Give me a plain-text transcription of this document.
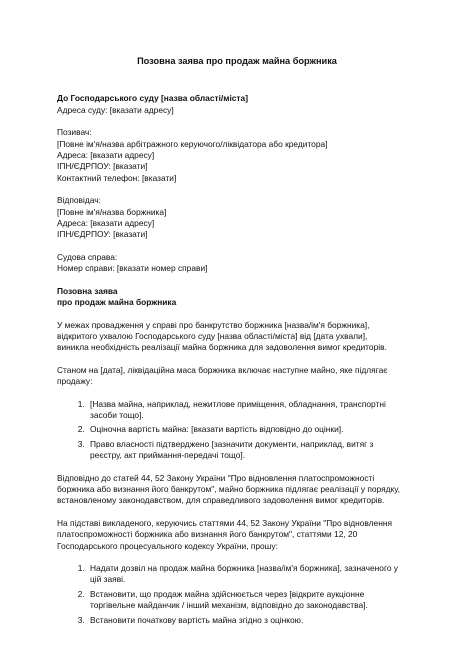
Позовна заява про продаж майна боржника
До Господарського суду [назва області/міста]
Адреса суду: [вказати адресу]
Позивач:
[Повне ім'я/назва арбітражного керуючого/ліквідатора або кредитора]
Адреса: [вказати адресу]
ІПН/ЄДРПОУ: [вказати]
Контактний телефон: [вказати]
Відповідач:
[Повне ім'я/назва боржника]
Адреса: [вказати адресу]
ІПН/ЄДРПОУ: [вказати]
Судова справа:
Номер справи: [вказати номер справи]
Позовна заява
про продаж майна боржника

У межах провадження у справі про банкрутство боржника [назва/ім'я боржника],
відкритого ухвалою Господарського суду [назва області/міста] від [дата ухвали],
виникла необхідність реалізації майна боржника для задоволення вимог кредиторів.

Станом на [дата], ліквідаційна маса боржника включає наступне майно, яке підлягає
продажу:

1. [Назва майна, наприклад, нежитлове приміщення, обладнання, транспортні
засоби тощо].
2. Оціночна вартість майна: [вказати вартість відповідно до оцінки].
3. Право власності підтверджено [зазначити документи, наприклад, витяг з
реєстру, акт приймання-передачі тощо].

Відповідно до статей 44, 52 Закону України "Про відновлення платоспроможності
боржника або визнання його банкрутом", майно боржника підлягає реалізації у порядку,
встановленому законодавством, для справедливого задоволення вимог кредиторів.

На підставі викладеного, керуючись статтями 44, 52 Закону України "Про відновлення
платоспроможності боржника або визнання його банкрутом", статтями 12, 20
Господарського процесуального кодексу України, прошу:

1. Надати дозвіл на продаж майна боржника [назва/ім'я боржника], зазначеного у
цій заяві.
2. Встановити, що продаж майна здійснюється через [відкрите аукціонне
торгівельне майданчик / інший механізм, відповідно до законодавства].
3. Встановити початкову вартість майна згідно з оцінкою.
